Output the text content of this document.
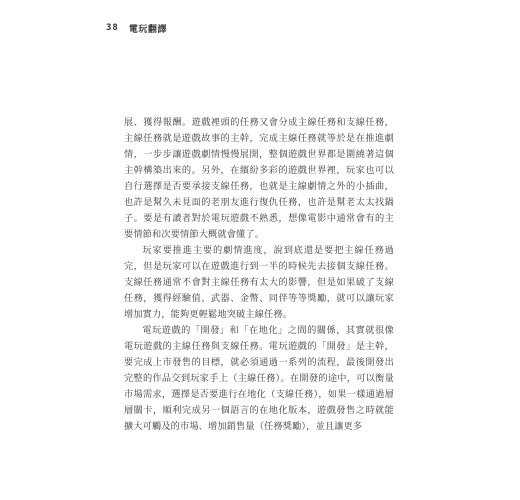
38 電玩翻譯

展、獲得報酬。遊戲裡頭的任務又會分成主線任務和支線任務，主線任務就是遊戲故事的主幹，完成主線任務就等於是在推進劇情，一步步讓遊戲劇情慢慢展開，整個遊戲世界都是圍繞著這個主幹構築出來的。另外，在繽紛多彩的遊戲世界裡，玩家也可以自行選擇是否要承接支線任務，也就是主線劇情之外的小插曲，也許是幫久未見面的老朋友進行復仇任務，也許是幫老太太找鍋子。要是有讀者對於電玩遊戲不熟悉，想像電影中通常會有的主要情節和次要情節大概就會懂了。

玩家要推進主要的劇情進度，說到底還是要把主線任務過完，但是玩家可以在遊戲進行到一半的時候先去接個支線任務。支線任務通常不會對主線任務有太大的影響，但是如果破了支線任務，獲得經驗值、武器、金幣、同伴等等獎勵，就可以讓玩家增加實力，能夠更輕鬆地突破主線任務。

電玩遊戲的「開發」和「在地化」之間的關係，其實就很像電玩遊戲的主線任務與支線任務。電玩遊戲的「開發」是主幹，要完成上市發售的目標，就必須通過一系列的流程，最後開發出完整的作品交到玩家手上（主線任務）。在開發的途中，可以衡量市場需求，選擇是否要進行在地化（支線任務），如果一樣通過層層關卡，順利完成另一個語言的在地化版本，遊戲發售之時就能擴大可觸及的市場、增加銷售量（任務獎勵），並且讓更多
